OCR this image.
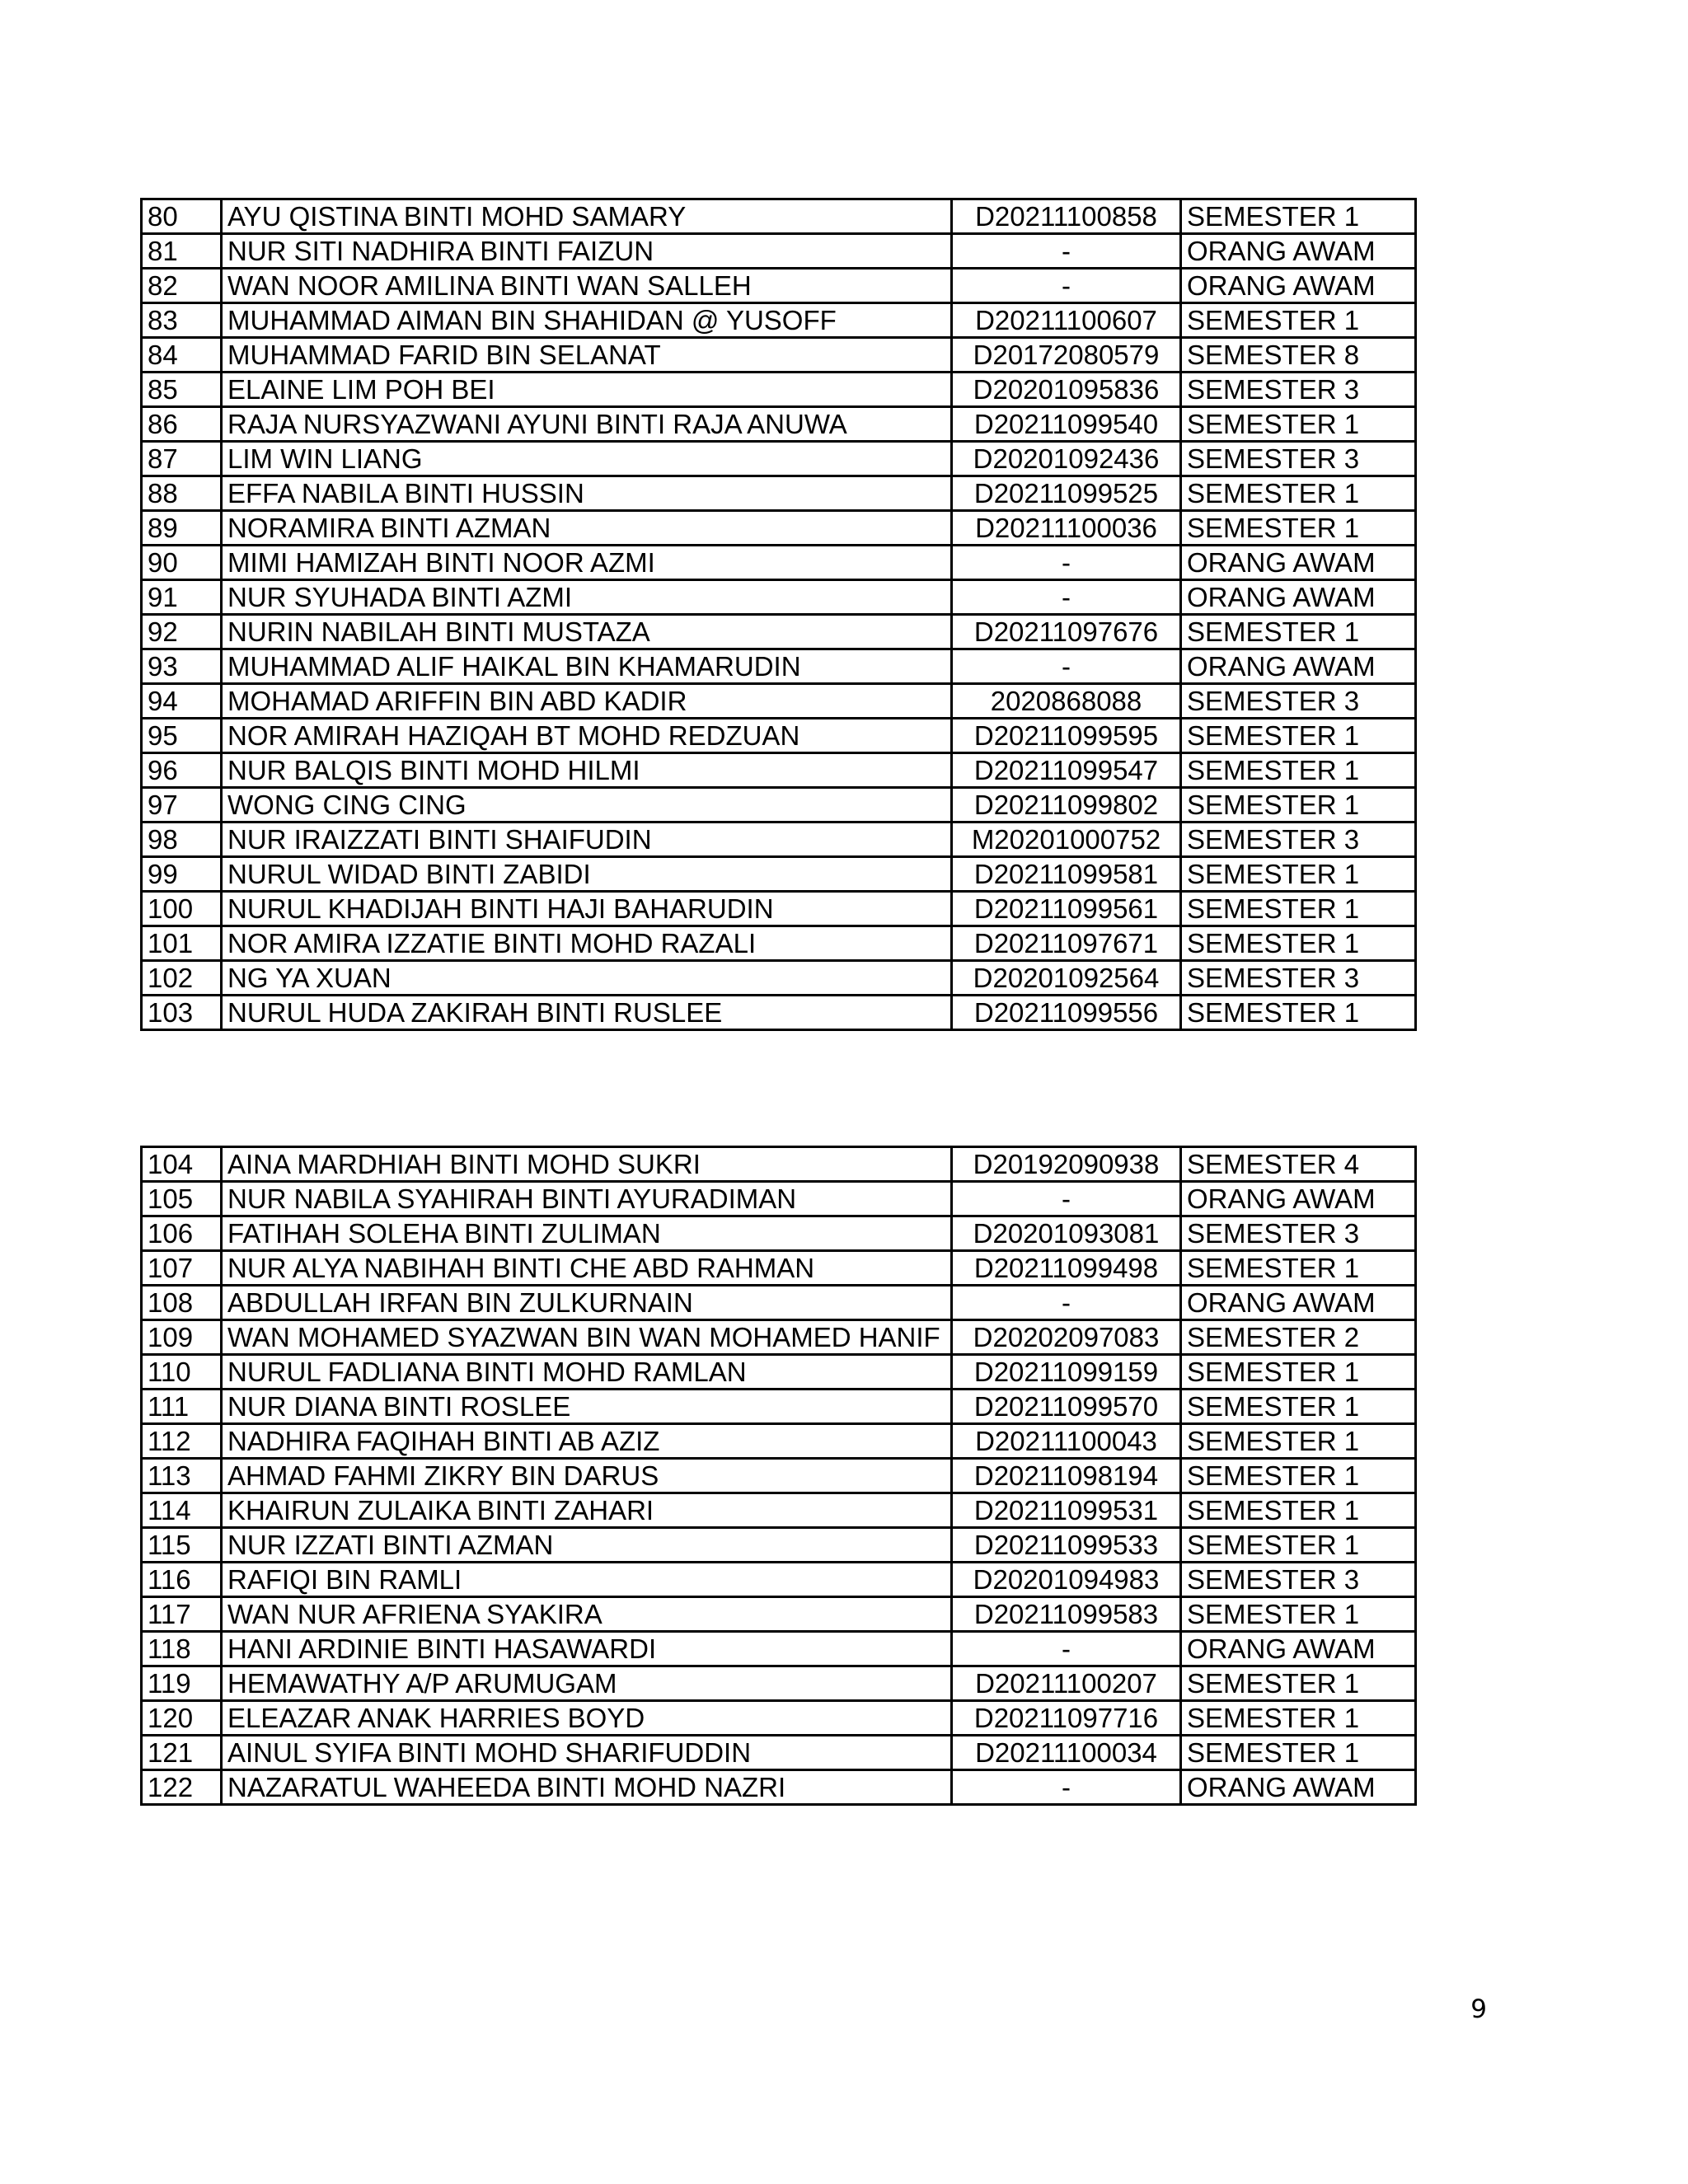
80	AYU QISTINA BINTI MOHD SAMARY	D20211100858	SEMESTER 1
81	NUR SITI NADHIRA BINTI FAIZUN	-	ORANG AWAM
82	WAN NOOR AMILINA BINTI WAN SALLEH	-	ORANG AWAM
83	MUHAMMAD AIMAN BIN SHAHIDAN @ YUSOFF	D20211100607	SEMESTER 1
84	MUHAMMAD FARID BIN SELANAT	D20172080579	SEMESTER 8
85	ELAINE LIM POH BEI	D20201095836	SEMESTER 3
86	RAJA NURSYAZWANI AYUNI BINTI RAJA ANUWA	D20211099540	SEMESTER 1
87	LIM WIN LIANG	D20201092436	SEMESTER 3
88	EFFA NABILA BINTI HUSSIN	D20211099525	SEMESTER 1
89	NORAMIRA BINTI AZMAN	D20211100036	SEMESTER 1
90	MIMI HAMIZAH BINTI NOOR AZMI	-	ORANG AWAM
91	NUR SYUHADA BINTI AZMI	-	ORANG AWAM
92	NURIN NABILAH BINTI MUSTAZA	D20211097676	SEMESTER 1
93	MUHAMMAD ALIF HAIKAL BIN KHAMARUDIN	-	ORANG AWAM
94	MOHAMAD ARIFFIN BIN ABD KADIR	2020868088	SEMESTER 3
95	NOR AMIRAH HAZIQAH BT MOHD REDZUAN	D20211099595	SEMESTER 1
96	NUR BALQIS BINTI MOHD HILMI	D20211099547	SEMESTER 1
97	WONG CING CING	D20211099802	SEMESTER 1
98	NUR IRAIZZATI BINTI SHAIFUDIN	M20201000752	SEMESTER 3
99	NURUL WIDAD BINTI ZABIDI	D20211099581	SEMESTER 1
100	NURUL KHADIJAH BINTI HAJI BAHARUDIN	D20211099561	SEMESTER 1
101	NOR AMIRA IZZATIE BINTI MOHD RAZALI	D20211097671	SEMESTER 1
102	NG YA XUAN	D20201092564	SEMESTER 3
103	NURUL HUDA ZAKIRAH BINTI RUSLEE	D20211099556	SEMESTER 1
104	AINA MARDHIAH BINTI MOHD SUKRI	D20192090938	SEMESTER 4
105	NUR NABILA SYAHIRAH BINTI AYURADIMAN	-	ORANG AWAM
106	FATIHAH SOLEHA BINTI ZULIMAN	D20201093081	SEMESTER 3
107	NUR ALYA NABIHAH BINTI CHE ABD RAHMAN	D20211099498	SEMESTER 1
108	ABDULLAH IRFAN BIN ZULKURNAIN	-	ORANG AWAM
109	WAN MOHAMED SYAZWAN BIN WAN MOHAMED HANIF	D20202097083	SEMESTER 2
110	NURUL FADLIANA BINTI MOHD RAMLAN	D20211099159	SEMESTER 1
111	NUR DIANA BINTI ROSLEE	D20211099570	SEMESTER 1
112	NADHIRA FAQIHAH BINTI AB AZIZ	D20211100043	SEMESTER 1
113	AHMAD FAHMI ZIKRY BIN DARUS	D20211098194	SEMESTER 1
114	KHAIRUN ZULAIKA BINTI ZAHARI	D20211099531	SEMESTER 1
115	NUR IZZATI BINTI AZMAN	D20211099533	SEMESTER 1
116	RAFIQI BIN RAMLI	D20201094983	SEMESTER 3
117	WAN NUR AFRIENA SYAKIRA	D20211099583	SEMESTER 1
118	HANI ARDINIE BINTI HASAWARDI	-	ORANG AWAM
119	HEMAWATHY A/P ARUMUGAM	D20211100207	SEMESTER 1
120	ELEAZAR ANAK HARRIES BOYD	D20211097716	SEMESTER 1
121	AINUL SYIFA BINTI MOHD SHARIFUDDIN	D20211100034	SEMESTER 1
122	NAZARATUL WAHEEDA BINTI MOHD NAZRI	-	ORANG AWAM
9
